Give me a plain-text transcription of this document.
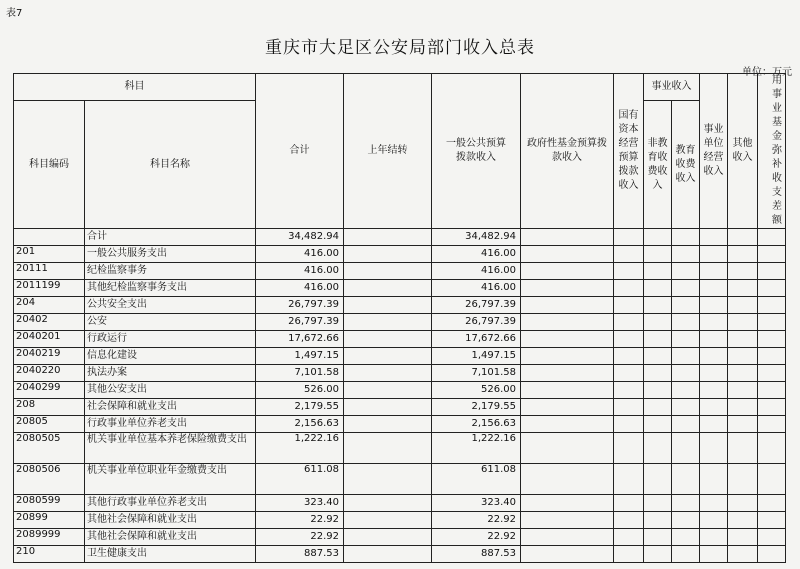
表7
重庆市大足区公安局部门收入总表
单位：万元
科目		合计	上年结转	一般公共预算拨款收入	政府性基金预算拨款收入	国有资本经营预算拨款收入	事业收入		事业单位经营收入	其他收入	用事业基金弥补收支差额	
科目编码	科目名称						非教育收费收入	教育收费收入				

	合计	34,482.94		34,482.94								
201	一般公共服务支出	416.00		416.00								
20111	纪检监察事务	416.00		416.00								
2011199	其他纪检监察事务支出	416.00		416.00								
204	公共安全支出	26,797.39		26,797.39								
20402	公安	26,797.39		26,797.39								
2040201	行政运行	17,672.66		17,672.66								
2040219	信息化建设	1,497.15		1,497.15								
2040220	执法办案	7,101.58		7,101.58								
2040299	其他公安支出	526.00		526.00								
208	社会保障和就业支出	2,179.55		2,179.55								
20805	行政事业单位养老支出	2,156.63		2,156.63								
2080505	机关事业单位基本养老保险缴费支出	1,222.16		1,222.16								
2080506	机关事业单位职业年金缴费支出	611.08		611.08								
2080599	其他行政事业单位养老支出	323.40		323.40								
20899	其他社会保障和就业支出	22.92		22.92								
2089999	其他社会保障和就业支出	22.92		22.92								
210	卫生健康支出	887.53		887.53								
